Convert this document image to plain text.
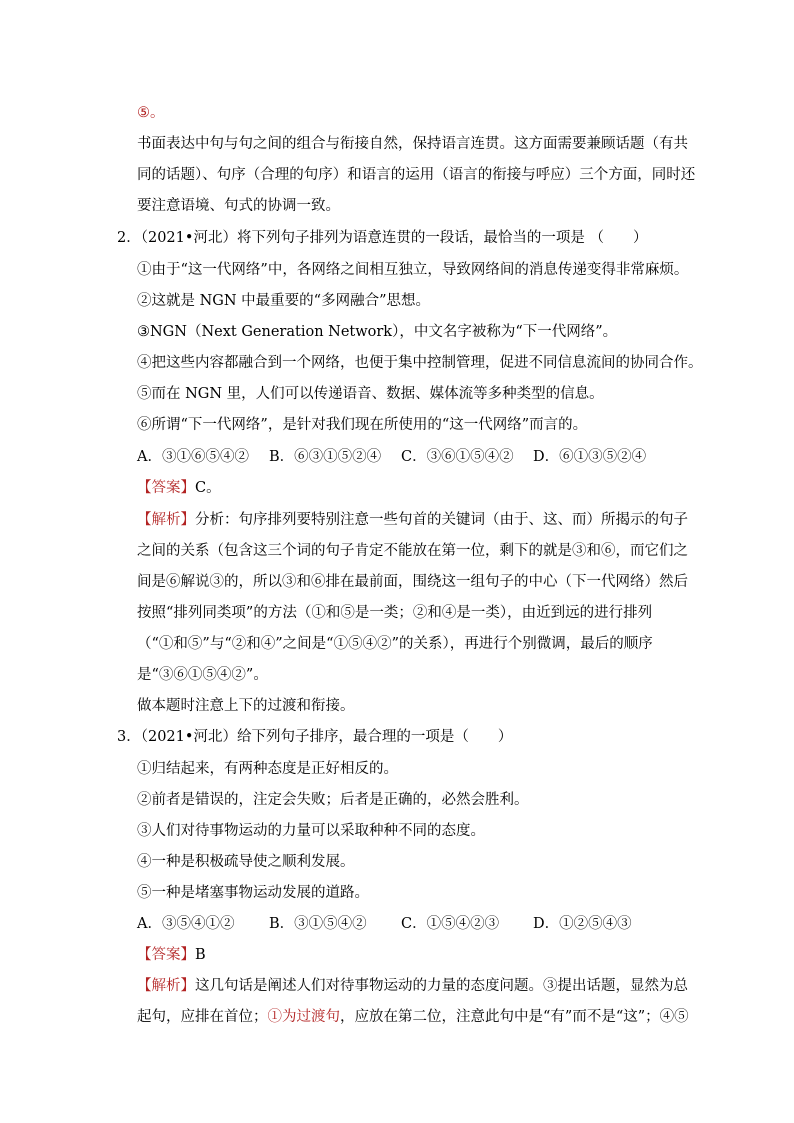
⑤。
书面表达中句与句之间的组合与衔接自然，保持语言连贯。这方面需要兼顾话题（有共
同的话题）、句序（合理的句序）和语言的运用（语言的衔接与呼应）三个方面，同时还
要注意语境、句式的协调一致。
2．（2021•河北）将下列句子排列为语意连贯的一段话，最恰当的一项是 （　　）
①由于“这一代网络”中，各网络之间相互独立，导致网络间的消息传递变得非常麻烦。
②这就是 NGN 中最重要的“多网融合”思想。
③NGN（Next Generation Network），中文名字被称为“下一代网络”。
④把这些内容都融合到一个网络，也便于集中控制管理，促进不同信息流间的协同合作。
⑤而在 NGN 里，人们可以传递语音、数据、媒体流等多种类型的信息。
⑥所谓“下一代网络”，是针对我们现在所使用的“这一代网络”而言的。
A．③①⑥⑤④② B．⑥③①⑤②④ C．③⑥①⑤④② D．⑥①③⑤②④
【答案】C。
【解析】分析：句序排列要特别注意一些句首的关键词（由于、这、而）所揭示的句子
之间的关系（包含这三个词的句子肯定不能放在第一位，剩下的就是③和⑥，而它们之
间是⑥解说③的，所以③和⑥排在最前面，围绕这一组句子的中心（下一代网络）然后
按照“排列同类项”的方法（①和⑤是一类；②和④是一类），由近到远的进行排列
（“①和⑤”与“②和④”之间是“①⑤④②”的关系），再进行个别微调，最后的顺序
是“③⑥①⑤④②”。
做本题时注意上下的过渡和衔接。
3．（2021•河北）给下列句子排序，最合理的一项是（　　）
①归结起来，有两种态度是正好相反的。
②前者是错误的，注定会失败；后者是正确的，必然会胜利。
③人们对待事物运动的力量可以采取种种不同的态度。
④一种是积极疏导使之顺利发展。
⑤一种是堵塞事物运动发展的道路。
A．③⑤④①② B．③①⑤④② C．①⑤④②③ D．①②⑤④③
【答案】B
【解析】这几句话是阐述人们对待事物运动的力量的态度问题。③提出话题，显然为总
起句，应排在首位；①为过渡句，应放在第二位，注意此句中是“有”而不是“这”；④⑤
